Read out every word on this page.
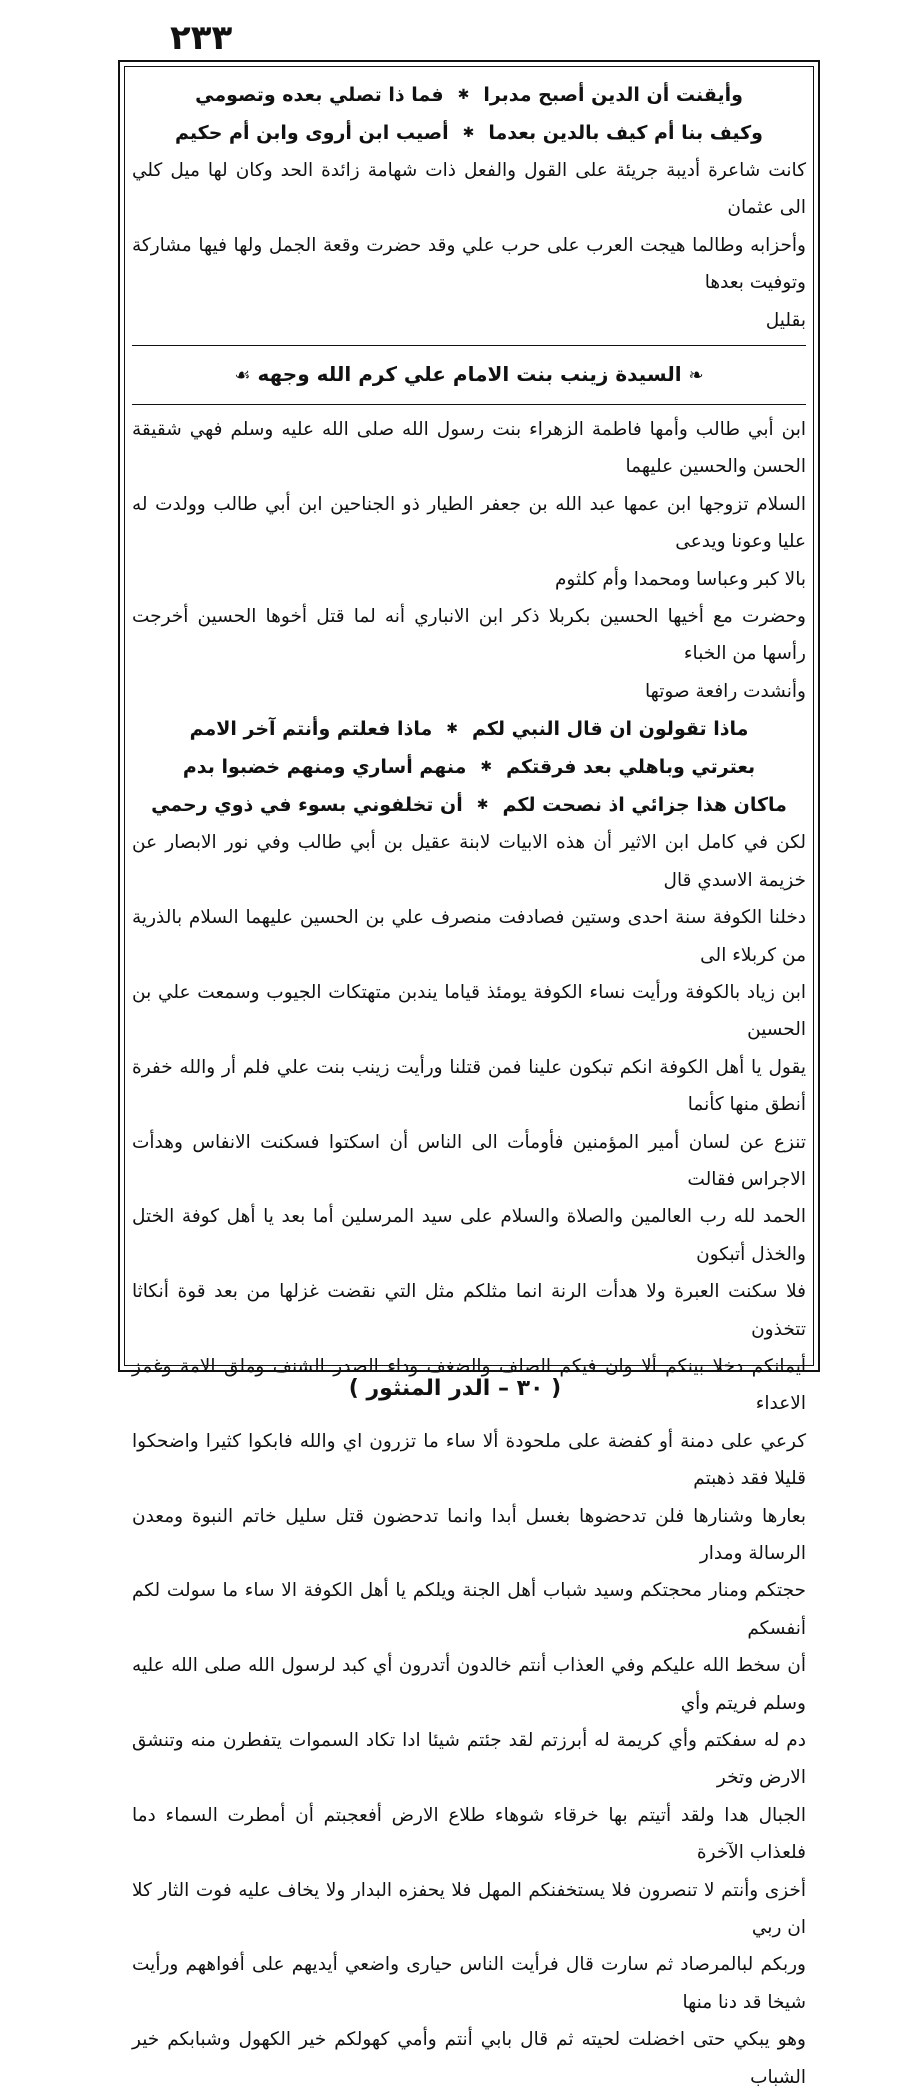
٢٣٣
وأيقنت أن الدين أصبح مدبرا
✱
فما ذا تصلي بعده وتصومي
وكيف بنا أم كيف بالدين بعدما
✱
أصيب ابن أروى وابن أم حكيم

كانت شاعرة أديبة جريئة على القول والفعل ذات شهامة زائدة الحد وكان لها ميل كلي الى عثمان

وأحزابه وطالما هيجت العرب على حرب علي وقد حضرت وقعة الجمل ولها فيها مشاركة وتوفيت بعدها

بقليل

❧ السيدة زينب بنت الامام علي كرم الله وجهه ☙

ابن أبي طالب وأمها فاطمة الزهراء بنت رسول الله صلى الله عليه وسلم فهي شقيقة الحسن والحسين عليهما

السلام تزوجها ابن عمها عبد الله بن جعفر الطيار ذو الجناحين ابن أبي طالب وولدت له عليا وعونا ويدعى

بالا كبر وعباسا ومحمدا وأم كلثوم

وحضرت مع أخيها الحسين بكربلا ذكر ابن الانباري أنه لما قتل أخوها الحسين أخرجت رأسها من الخباء

وأنشدت رافعة صوتها

ماذا تقولون ان قال النبي لكم
✱
ماذا فعلتم وأنتم آخر الامم
بعترتي وباهلي بعد فرقتكم
✱
منهم أساري ومنهم خضبوا بدم
ماكان هذا جزائي اذ نصحت لكم
✱
أن تخلفوني بسوء في ذوي رحمي

لكن في كامل ابن الاثير أن هذه الابيات لابنة عقيل بن أبي طالب وفي نور الابصار عن خزيمة الاسدي قال

دخلنا الكوفة سنة احدى وستين فصادفت منصرف علي بن الحسين عليهما السلام بالذرية من كربلاء الى

ابن زياد بالكوفة ورأيت نساء الكوفة يومئذ قياما يندبن متهتكات الجيوب وسمعت علي بن الحسين

يقول يا أهل الكوفة انكم تبكون علينا فمن قتلنا ورأيت زينب بنت علي فلم أر والله خفرة أنطق منها كأنما

تنزع عن لسان أمير المؤمنين فأومأت الى الناس أن اسكتوا فسكنت الانفاس وهدأت الاجراس فقالت

الحمد لله رب العالمين والصلاة والسلام على سيد المرسلين أما بعد يا أهل كوفة الختل والخذل أتبكون

فلا سكنت العبرة ولا هدأت الرنة انما مثلكم مثل التي نقضت غزلها من بعد قوة أنكاثا تتخذون

أيمانكم دخلا بينكم ألا وان فيكم الصلف والضغف وداء الصدر الشنف وملق الامة وغمز الاعداء

كرعي على دمنة أو كفضة على ملحودة ألا ساء ما تزرون اي والله فابكوا كثيرا واضحكوا قليلا فقد ذهبتم

بعارها وشنارها فلن تدحضوها بغسل أبدا وانما تدحضون قتل سليل خاتم النبوة ومعدن الرسالة ومدار

حجتكم ومنار محجتكم وسيد شباب أهل الجنة ويلكم يا أهل الكوفة الا ساء ما سولت لكم أنفسكم

أن سخط الله عليكم وفي العذاب أنتم خالدون أتدرون أي كبد لرسول الله صلى الله عليه وسلم فريتم وأي

دم له سفكتم وأي كريمة له أبرزتم لقد جئتم شيئا ادا تكاد السموات يتفطرن منه وتنشق الارض وتخر

الجبال هدا ولقد أتيتم بها خرقاء شوهاء طلاع الارض أفعجبتم أن أمطرت السماء دما فلعذاب الآخرة

أخزى وأنتم لا تنصرون فلا يستخفنكم المهل فلا يحفزه البدار ولا يخاف عليه فوت الثار كلا ان ربي

وربكم لبالمرصاد ثم سارت قال فرأيت الناس حيارى واضعي أيديهم على أفواههم ورأيت شيخا قد دنا منها

وهو يبكي حتى اخضلت لحيته ثم قال بابي أنتم وأمي كهولكم خير الكهول وشبابكم خير الشباب

( ٣٠ – الدر المنثور )
